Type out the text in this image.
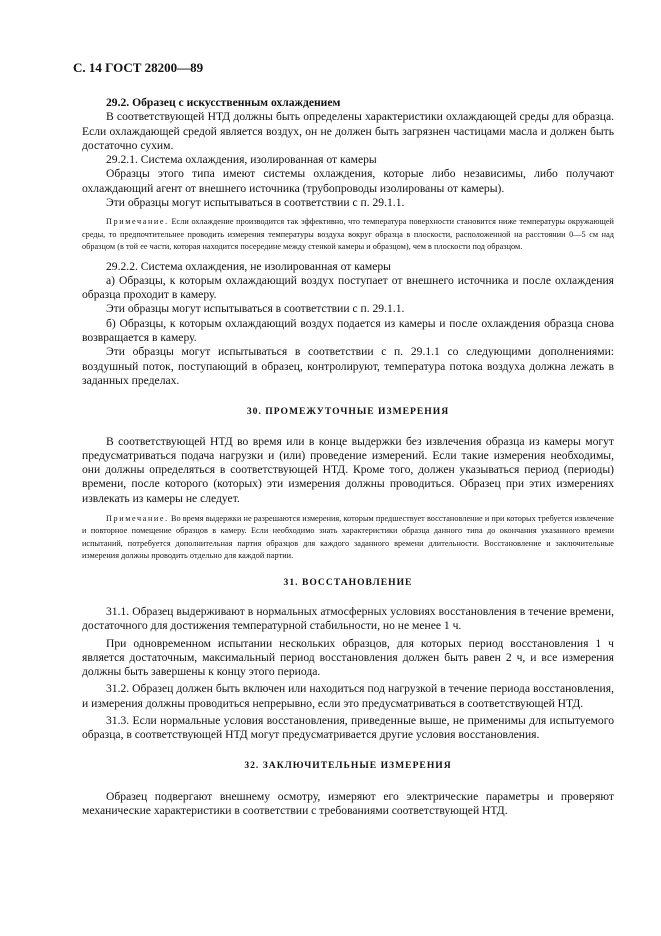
С. 14 ГОСТ 28200—89

29.2. Образец с искусственным охлаждением

В соответствующей НТД должны быть определены характеристики охлаждающей среды для образца. Если охлаждающей средой является воздух, он не должен быть загрязнен частицами масла и должен быть достаточно сухим.

29.2.1. Система охлаждения, изолированная от камеры

Образцы этого типа имеют системы охлаждения, которые либо независимы, либо получают охлаждающий агент от внешнего источника (трубопроводы изолированы от камеры).

Эти образцы могут испытываться в соответствии с п. 29.1.1.

Примечание. Если охлаждение производится так эффективно, что температура поверхности становится ниже температуры окружающей среды, то предпочтительнее проводить измерения температуры воздуха вокруг образца в плоскости, расположенной на расстоянии 0—5 см над образцом (в той ее части, которая находится посередине между стенкой камеры и образцом), чем в плоскости под образцом.

29.2.2. Система охлаждения, не изолированная от камеры

а) Образцы, к которым охлаждающий воздух поступает от внешнего источника и после охлаждения образца проходит в камеру.

Эти образцы могут испытываться в соответствии с п. 29.1.1.

б) Образцы, к которым охлаждающий воздух подается из камеры и после охлаждения образца снова возвращается в камеру.

Эти образцы могут испытываться в соответствии с п. 29.1.1 со следующими дополнениями: воздушный поток, поступающий в образец, контролируют, температура потока воздуха должна лежать в заданных пределах.

30. ПРОМЕЖУТОЧНЫЕ ИЗМЕРЕНИЯ

В соответствующей НТД во время или в конце выдержки без извлечения образца из камеры могут предусматриваться подача нагрузки и (или) проведение измерений. Если такие измерения необходимы, они должны определяться в соответствующей НТД. Кроме того, должен указываться период (периоды) времени, после которого (которых) эти измерения должны проводиться. Образец при этих измерениях извлекать из камеры не следует.

Примечание. Во время выдержки не разрешаются измерения, которым предшествует восстановление и при которых требуется извлечение и повторное помещение образцов в камеру. Если необходимо знать характеристики образца данного типа до окончания указанного времени испытаний, потребуется дополнительная партия образцов для каждого заданного времени длительности. Восстановление и заключительные измерения должны проводить отдельно для каждой партии.

31. ВОССТАНОВЛЕНИЕ

31.1. Образец выдерживают в нормальных атмосферных условиях восстановления в течение времени, достаточного для достижения температурной стабильности, но не менее 1 ч.

При одновременном испытании нескольких образцов, для которых период восстановления 1 ч является достаточным, максимальный период восстановления должен быть равен 2 ч, и все измерения должны быть завершены к концу этого периода.

31.2. Образец должен быть включен или находиться под нагрузкой в течение периода восстановления, и измерения должны проводиться непрерывно, если это предусматриваться в соответствующей НТД.

31.3. Если нормальные условия восстановления, приведенные выше, не применимы для испытуемого образца, в соответствующей НТД могут предусматривается другие условия восстановления.

32. ЗАКЛЮЧИТЕЛЬНЫЕ ИЗМЕРЕНИЯ

Образец подвергают внешнему осмотру, измеряют его электрические параметры и проверяют механические характеристики в соответствии с требованиями соответствующей НТД.
